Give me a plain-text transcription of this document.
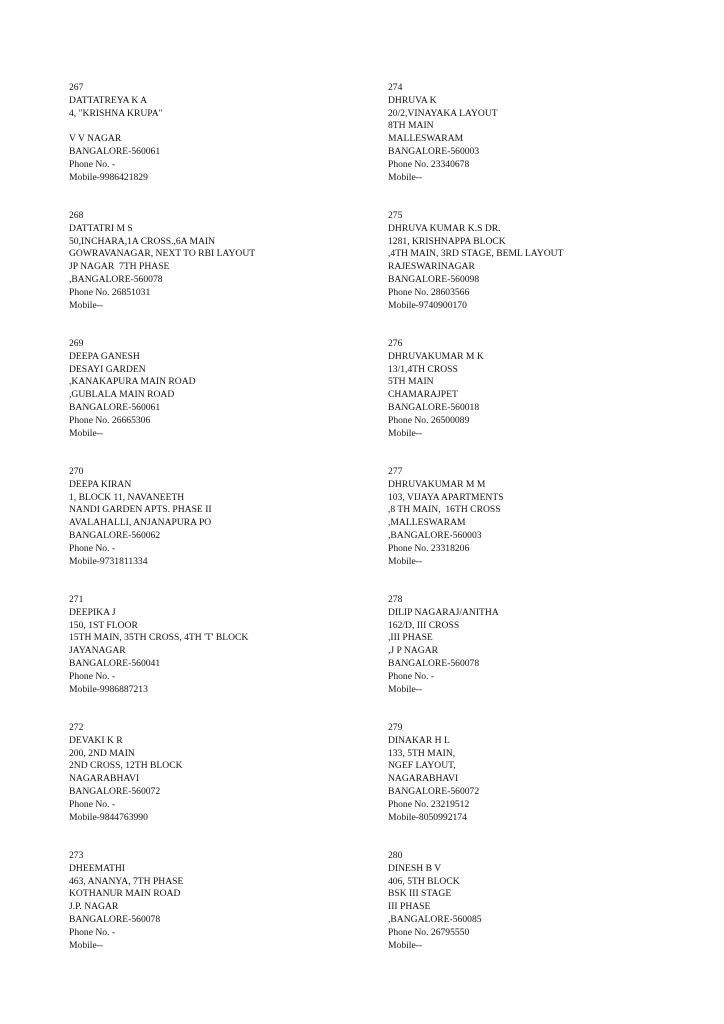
267
DATTATREYA K A
4, "KRISHNA KRUPA"
V V NAGAR
BANGALORE-560061
Phone No. -
Mobile-9986421829
268
DATTATRI M S
50,INCHARA,1A CROSS.,6A MAIN
GOWRAVANAGAR, NEXT TO RBI LAYOUT
JP NAGAR  7TH PHASE
,BANGALORE-560078
Phone No. 26851031
Mobile--
269
DEEPA GANESH
DESAYI GARDEN
,KANAKAPURA MAIN ROAD
,GUBLALA MAIN ROAD
BANGALORE-560061
Phone No. 26665306
Mobile--
270
DEEPA KIRAN
1, BLOCK 11, NAVANEETH
NANDI GARDEN APTS. PHASE II
AVALAHALLI, ANJANAPURA PO
BANGALORE-560062
Phone No. -
Mobile-9731811334
271
DEEPIKA J
150, 1ST FLOOR
15TH MAIN, 35TH CROSS, 4TH 'T' BLOCK
JAYANAGAR
BANGALORE-560041
Phone No. -
Mobile-9986887213
272
DEVAKI K R
200, 2ND MAIN
2ND CROSS, 12TH BLOCK
NAGARABHAVI
BANGALORE-560072
Phone No. -
Mobile-9844763990
273
DHEEMATHI
463, ANANYA, 7TH PHASE
KOTHANUR MAIN ROAD
J.P. NAGAR
BANGALORE-560078
Phone No. -
Mobile--
274
DHRUVA K
20/2,VINAYAKA LAYOUT
8TH MAIN
MALLESWARAM
BANGALORE-560003
Phone No. 23340678
Mobile--
275
DHRUVA KUMAR K.S DR.
1281, KRISHNAPPA BLOCK
,4TH MAIN, 3RD STAGE, BEML LAYOUT
RAJESWARINAGAR
BANGALORE-560098
Phone No. 28603566
Mobile-9740900170
276
DHRUVAKUMAR M K
13/1,4TH CROSS
5TH MAIN
CHAMARAJPET
BANGALORE-560018
Phone No. 26500089
Mobile--
277
DHRUVAKUMAR M M
103, VIJAYA APARTMENTS
,8 TH MAIN,  16TH CROSS
,MALLESWARAM
,BANGALORE-560003
Phone No. 23318206
Mobile--
278
DILIP NAGARAJ/ANITHA
162/D, III CROSS
,III PHASE
,J P NAGAR
BANGALORE-560078
Phone No. -
Mobile--
279
DINAKAR H L
133, 5TH MAIN,
NGEF LAYOUT,
NAGARABHAVI
BANGALORE-560072
Phone No. 23219512
Mobile-8050992174
280
DINESH B V
406, 5TH BLOCK
BSK III STAGE
III PHASE
,BANGALORE-560085
Phone No. 26795550
Mobile--
